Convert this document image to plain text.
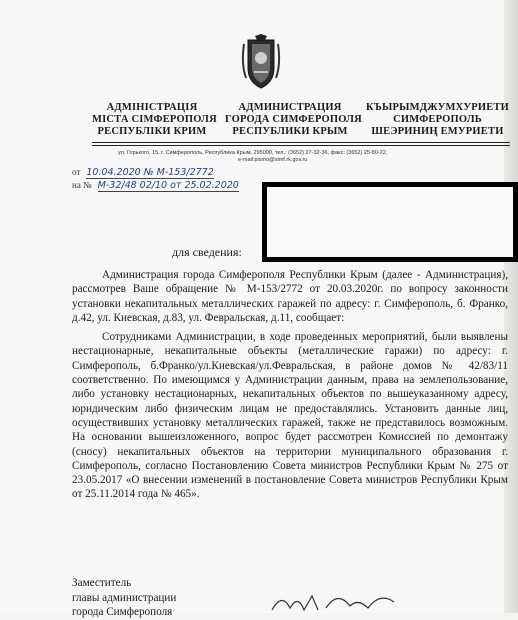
АДМІНІСТРАЦІЯ
МІСТА СІМФЕРОПОЛЯ
РЕСПУБЛІКИ КРИМ
АДМИНИСТРАЦИЯ
ГОРОДА СИМФЕРОПОЛЯ
РЕСПУБЛИКИ КРЫМ
КЪЫРЫМДЖУМХУРИЕТИ
СИМФЕРОПОЛЬ
ШЕЭРИНИҢ ЕМУРИЕТИ
ул. Горького, 15, г. Симферополь, Республика Крым, 295000, тел.: (3652) 27-32-36, факс: (3652) 25-80-22,
e-mail:pismo@simf.rk.gov.ru
от 10.04.2020 № М-153/2772
на № М-32/48 02/10 от 25.02.2020
для сведения:

Администрация города Симферополя Республики Крым (далее - Администрация), рассмотрев Ваше обращение № М-153/2772 от 20.03.2020г. по вопросу законности установки некапитальных металлических гаражей по адресу: г. Симферополь, б. Франко, д.42, ул. Киевская, д.83, ул. Февральская, д.11, сообщает:

Сотрудниками Администрации, в ходе проведенных мероприятий, были выявлены нестационарные, некапитальные объекты (металлические гаражи) по адресу: г. Симферополь, б.Франко/ул.Киевская/ул.Февральская, в районе домов № 42/83/11 соответственно. По имеющимся у Администрации данным, права на землепользование, либо установку нестационарных, некапитальных объектов по вышеуказанному адресу, юридическим либо физическим лицам не предоставлялись. Установить данные лиц, осуществивших установку металлических гаражей, также не представилось возможным. На основании вышеизложенного, вопрос будет рассмотрен Комиссией по демонтажу (сносу) некапитальных объектов на территории муниципального образования г. Симферополь, согласно Постановлению Совета министров Республики Крым № 275 от 23.05.2017 «О внесении изменений в постановление Совета министров Республики Крым от 25.11.2014 года № 465».

Заместитель
главы администрации
города Симферополя
